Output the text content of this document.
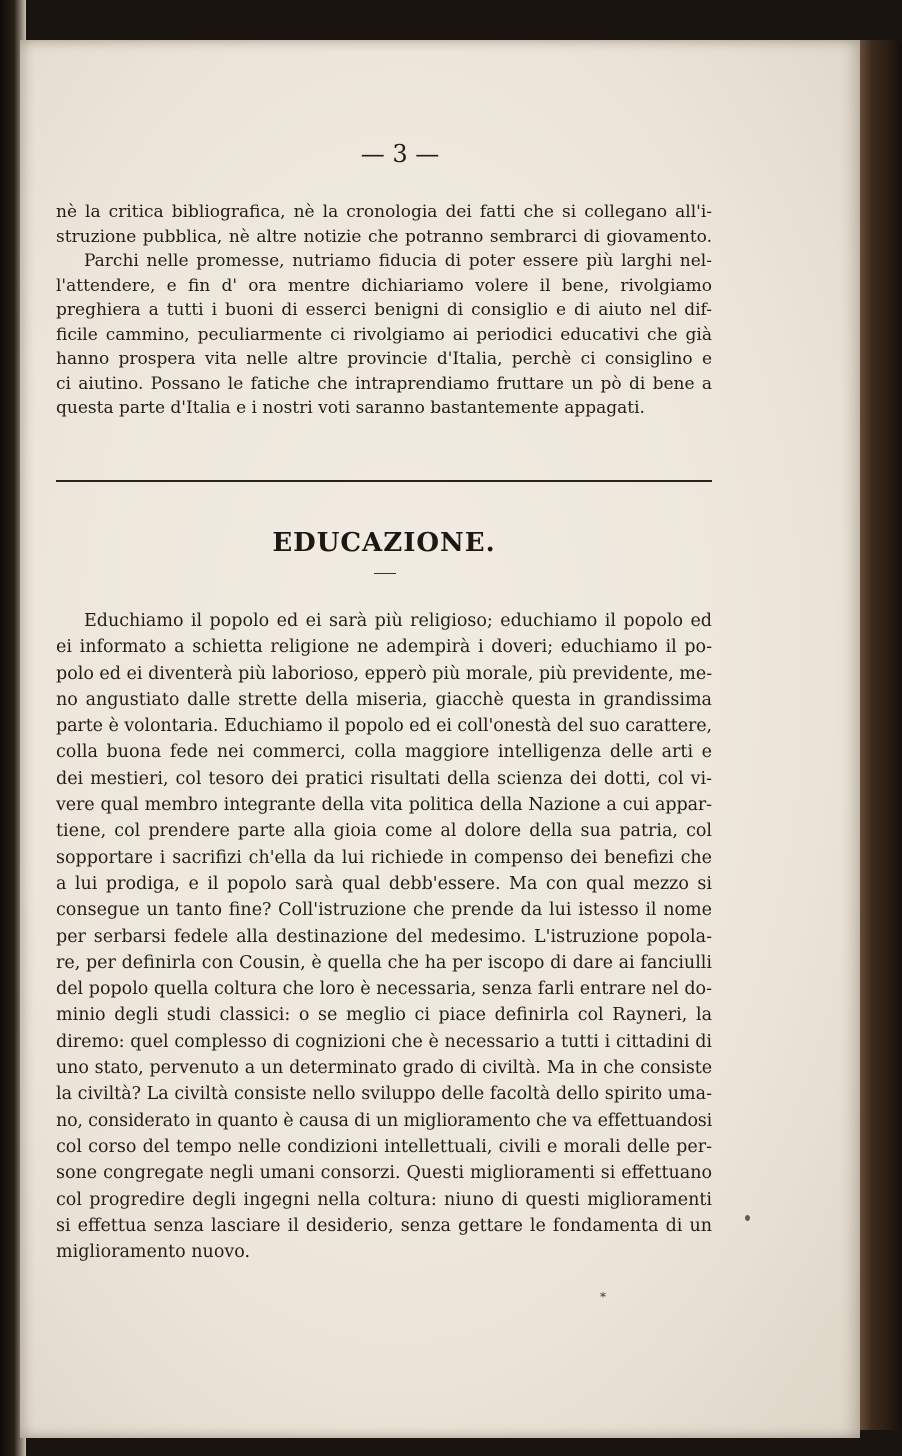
— 3 —

nè la critica bibliografica, nè la cronologia dei fatti che si collegano all'i-

struzione pubblica, nè altre notizie che potranno sembrarci di giovamento.

Parchi nelle promesse, nutriamo fiducia di poter essere più larghi nel-

l'attendere, e fin d' ora mentre dichiariamo volere il bene, rivolgiamo

preghiera a tutti i buoni di esserci benigni di consiglio e di aiuto nel dif-

ficile cammino, peculiarmente ci rivolgiamo ai periodici educativi che già

hanno prospera vita nelle altre provincie d'Italia, perchè ci consiglino e

ci aiutino. Possano le fatiche che intraprendiamo fruttare un pò di bene a

questa parte d'Italia e i nostri voti saranno bastantemente appagati.

EDUCAZIONE.

Educhiamo il popolo ed ei sarà più religioso; educhiamo il popolo ed

ei informato a schietta religione ne adempirà i doveri; educhiamo il po-

polo ed ei diventerà più laborioso, epperò più morale, più previdente, me-

no angustiato dalle strette della miseria, giacchè questa in grandissima

parte è volontaria. Educhiamo il popolo ed ei coll'onestà del suo carattere,

colla buona fede nei commerci, colla maggiore intelligenza delle arti e

dei mestieri, col tesoro dei pratici risultati della scienza dei dotti, col vi-

vere qual membro integrante della vita politica della Nazione a cui appar-

tiene, col prendere parte alla gioia come al dolore della sua patria, col

sopportare i sacrifizi ch'ella da lui richiede in compenso dei benefizi che

a lui prodiga, e il popolo sarà qual debb'essere. Ma con qual mezzo si

consegue un tanto fine? Coll'istruzione che prende da lui istesso il nome

per serbarsi fedele alla destinazione del medesimo. L'istruzione popola-

re, per definirla con Cousin, è quella che ha per iscopo di dare ai fanciulli

del popolo quella coltura che loro è necessaria, senza farli entrare nel do-

minio degli studi classici: o se meglio ci piace definirla col Rayneri, la

diremo: quel complesso di cognizioni che è necessario a tutti i cittadini di

uno stato, pervenuto a un determinato grado di civiltà. Ma in che consiste

la civiltà? La civiltà consiste nello sviluppo delle facoltà dello spirito uma-

no, considerato in quanto è causa di un miglioramento che va effettuandosi

col corso del tempo nelle condizioni intellettuali, civili e morali delle per-

sone congregate negli umani consorzi. Questi miglioramenti si effettuano

col progredire degli ingegni nella coltura: niuno di questi miglioramenti

si effettua senza lasciare il desiderio, senza gettare le fondamenta di un

miglioramento nuovo.

*
